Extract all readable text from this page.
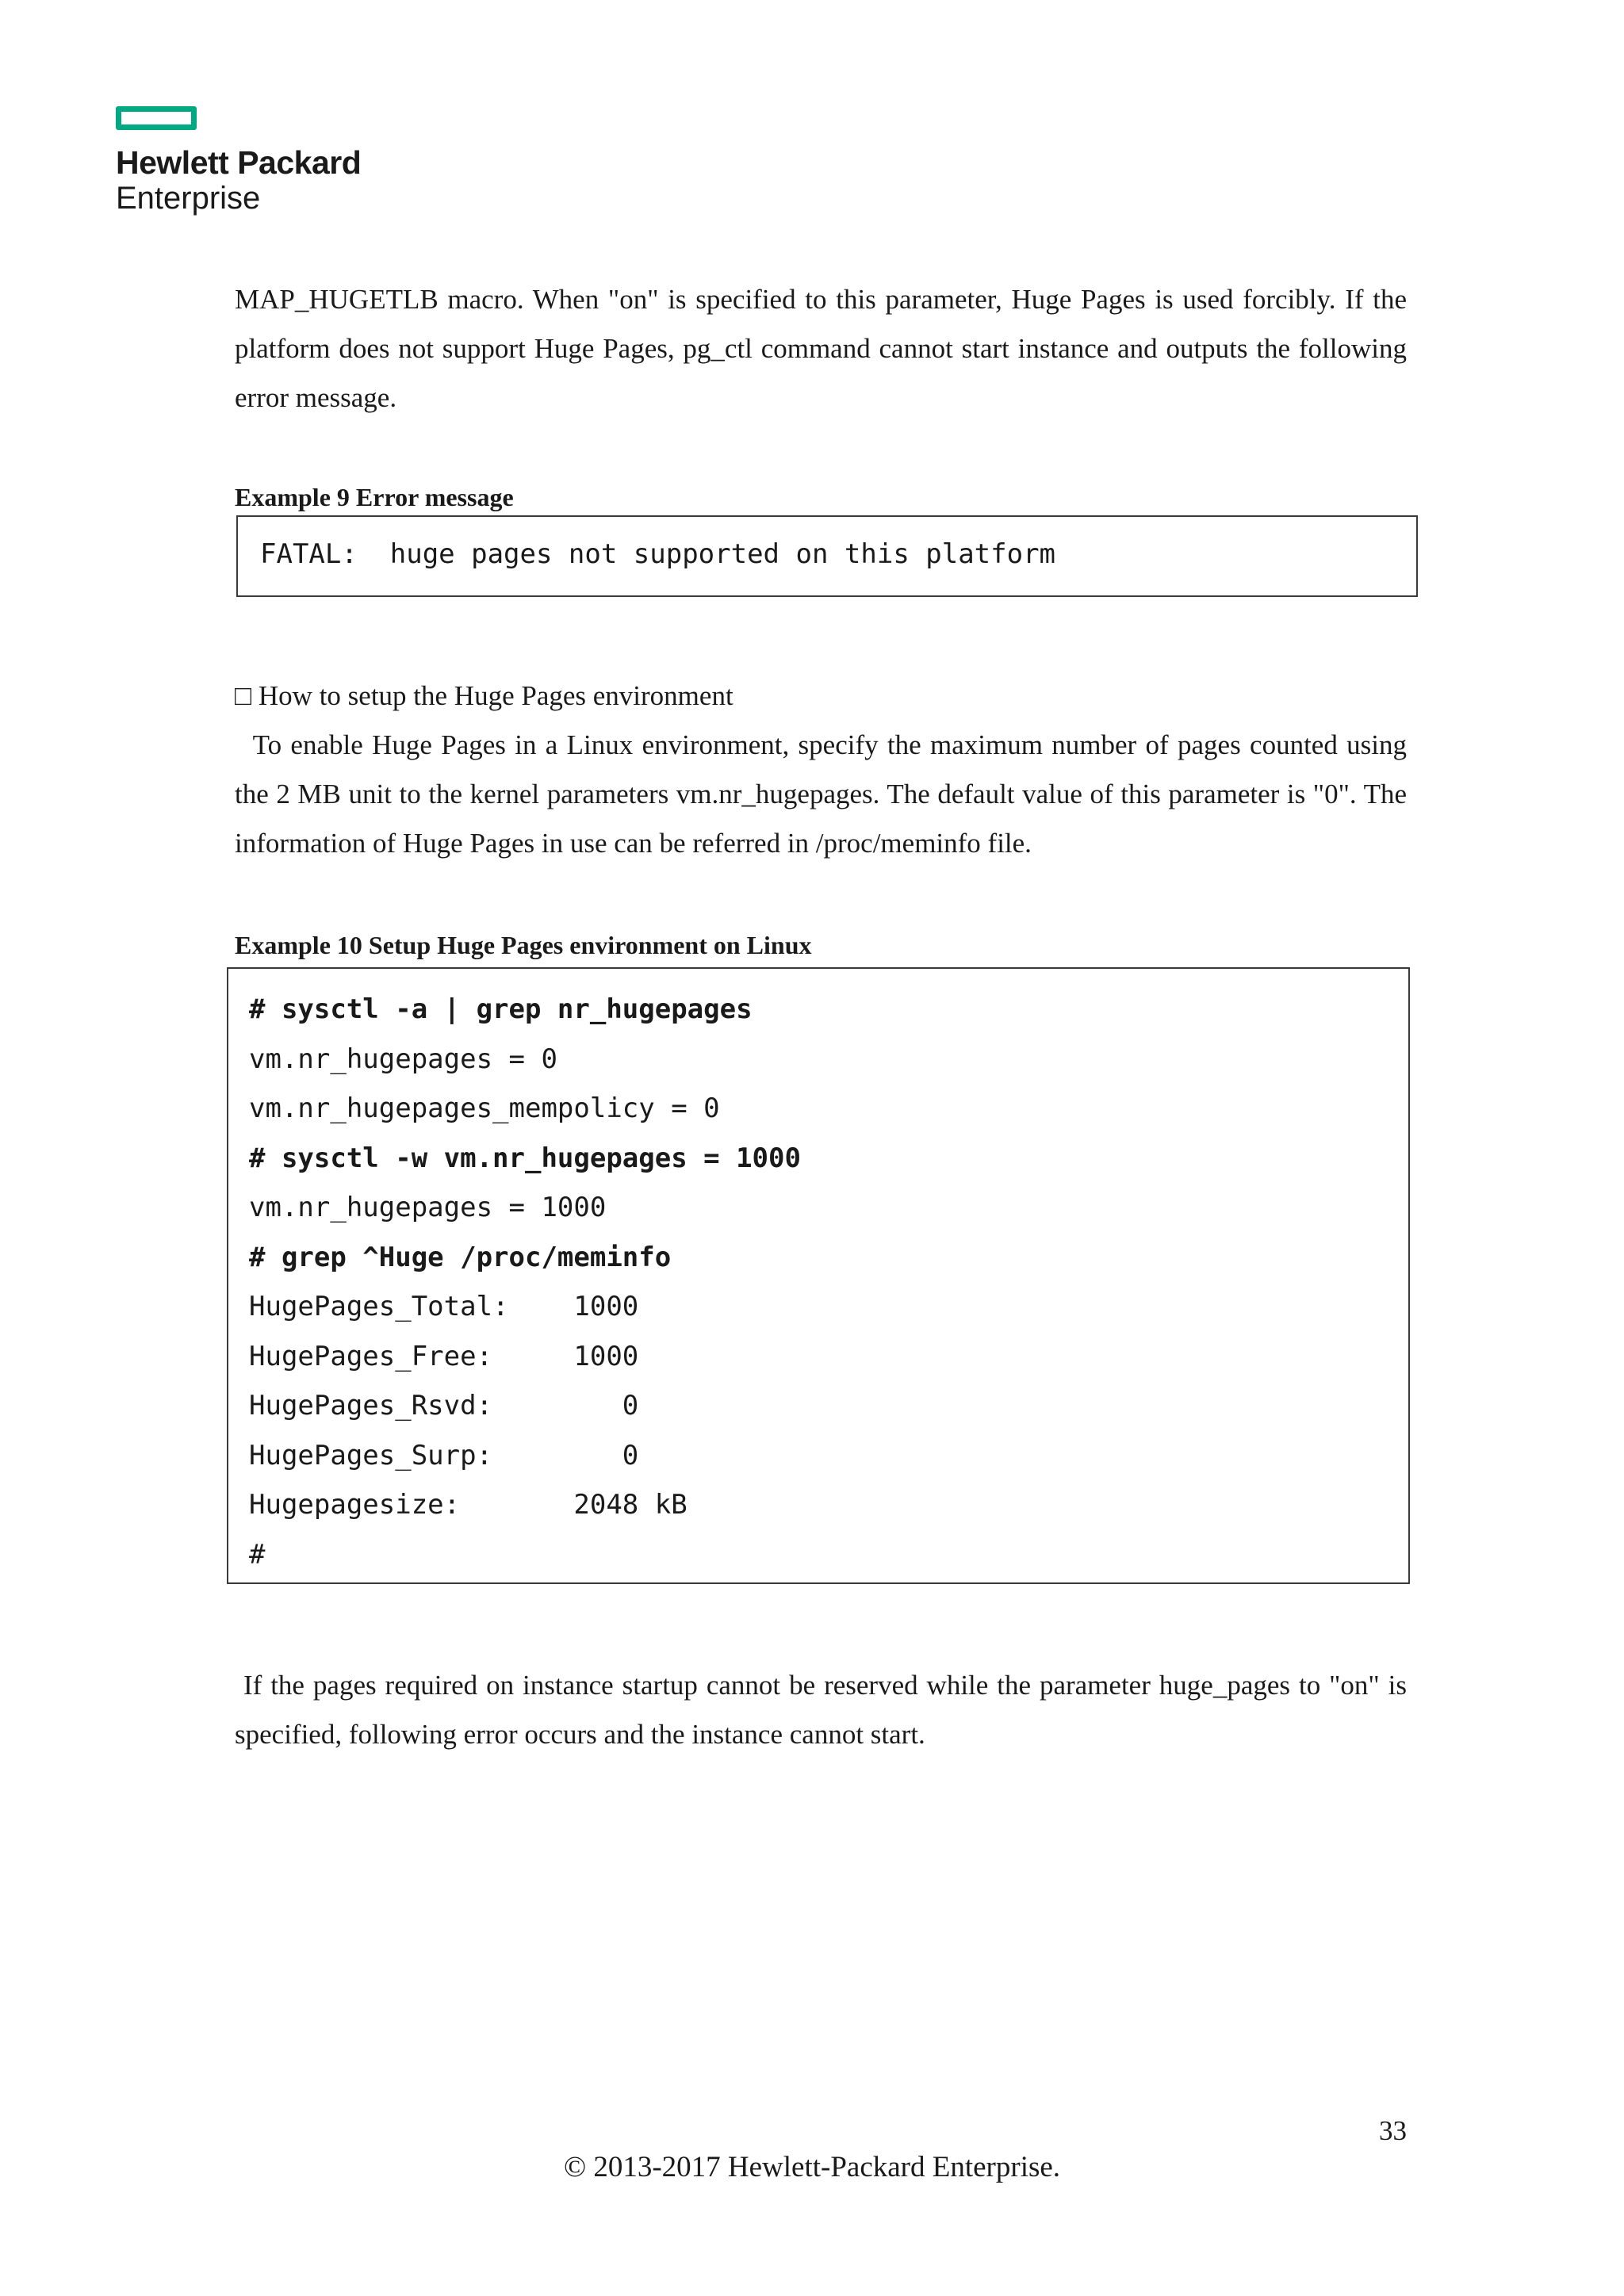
Hewlett Packard
Enterprise

MAP_HUGETLB macro. When "on" is specified to this parameter, Huge Pages is used forcibly. If the platform does not support Huge Pages, pg_ctl command cannot start instance and outputs the following error message.

Example 9 Error message

FATAL:  huge pages not supported on this platform

□ How to setup the Huge Pages environment

To enable Huge Pages in a Linux environment, specify the maximum number of pages counted using the 2 MB unit to the kernel parameters vm.nr_hugepages. The default value of this parameter is "0". The information of Huge Pages in use can be referred in /proc/meminfo file.

Example 10 Setup Huge Pages environment on Linux

# sysctl -a | grep nr_hugepages
vm.nr_hugepages = 0
vm.nr_hugepages_mempolicy = 0
# sysctl -w vm.nr_hugepages = 1000
vm.nr_hugepages = 1000
# grep ^Huge /proc/meminfo
HugePages_Total:    1000
HugePages_Free:     1000
HugePages_Rsvd:        0
HugePages_Surp:        0
Hugepagesize:       2048 kB
#

If the pages required on instance startup cannot be reserved while the parameter huge_pages to "on" is specified, following error occurs and the instance cannot start.

33

© 2013-2017 Hewlett-Packard Enterprise.
